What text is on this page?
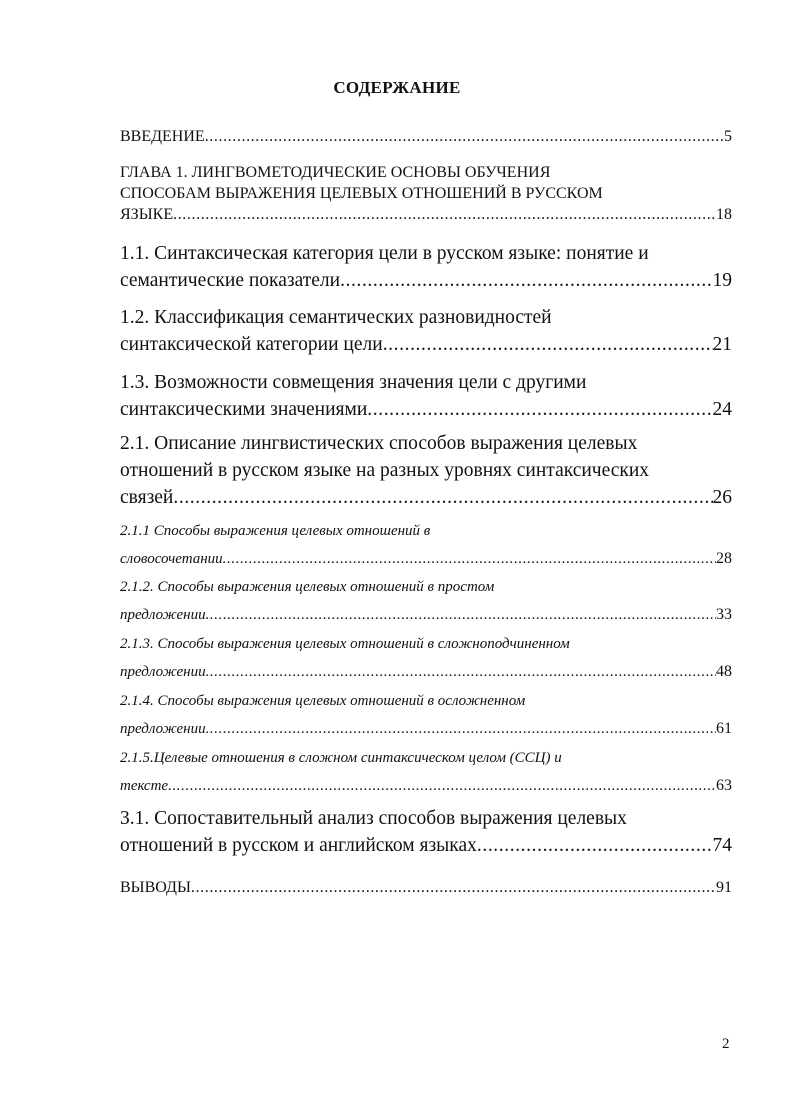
СОДЕРЖАНИЕ
ВВЕДЕНИЕ .....	5
ГЛАВА 1. ЛИНГВОМЕТОДИЧЕСКИЕ ОСНОВЫ ОБУЧЕНИЯ
СПОСОБАМ ВЫРАЖЕНИЯ ЦЕЛЕВЫХ ОТНОШЕНИЙ В РУССКОМ
ЯЗЫКЕ .....	18
1.1. Синтаксическая категория цели в русском языке: понятие и
семантические показатели .....	19
1.2. Классификация семантических разновидностей
синтаксической категории цели .....	21
1.3. Возможности совмещения значения цели с другими
синтаксическими значениями .....	24
2.1. Описание лингвистических способов выражения целевых
отношений в русском языке на разных уровнях синтаксических
связей .....	26
2.1.1 Способы выражения целевых отношений в
словосочетании .....	28
2.1.2. Способы выражения целевых отношений в простом
предложении .....	33
2.1.3. Способы выражения целевых отношений в сложноподчиненном
предложении .....	48
2.1.4. Способы выражения целевых отношений в осложненном
предложении .....	61
2.1.5.Целевые отношения в сложном синтаксическом целом (ССЦ) и
тексте .....	63
3.1. Сопоставительный анализ способов выражения целевых
отношений в русском и английском языках .....	74
ВЫВОДЫ .....	91
2
